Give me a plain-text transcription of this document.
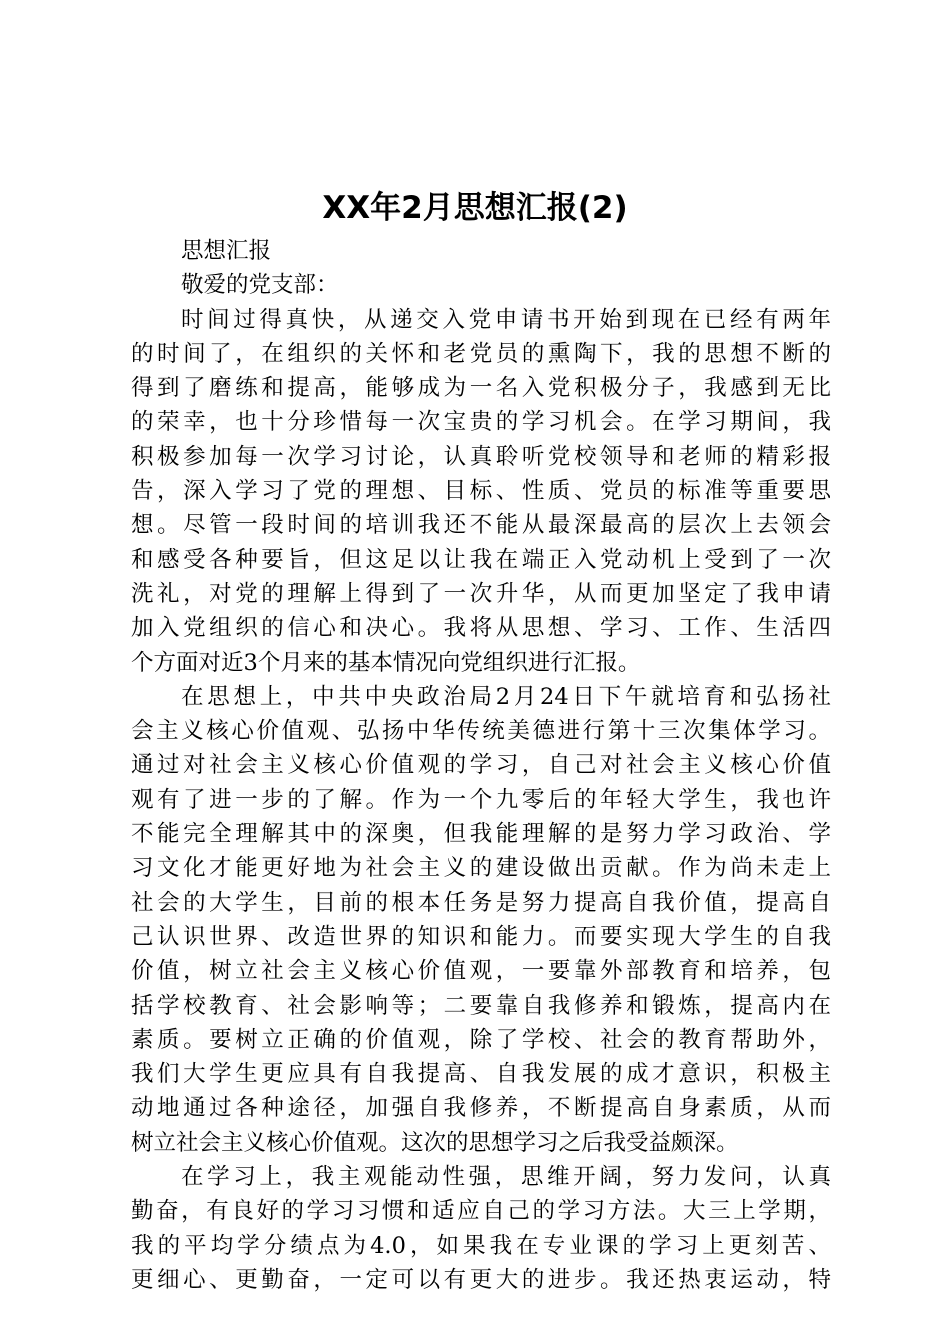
XX年2月思想汇报(2)
思想汇报
敬爱的党支部：
时间过得真快，从递交入党申请书开始到现在已经有两年
的时间了，在组织的关怀和老党员的熏陶下，我的思想不断的
得到了磨练和提高，能够成为一名入党积极分子，我感到无比
的荣幸，也十分珍惜每一次宝贵的学习机会。在学习期间，我
积极参加每一次学习讨论，认真聆听党校领导和老师的精彩报
告，深入学习了党的理想、目标、性质、党员的标准等重要思
想。尽管一段时间的培训我还不能从最深最高的层次上去领会
和感受各种要旨，但这足以让我在端正入党动机上受到了一次
洗礼，对党的理解上得到了一次升华，从而更加坚定了我申请
加入党组织的信心和决心。我将从思想、学习、工作、生活四
个方面对近3个月来的基本情况向党组织进行汇报。
在思想上，中共中央政治局2月24日下午就培育和弘扬社
会主义核心价值观、弘扬中华传统美德进行第十三次集体学习。
通过对社会主义核心价值观的学习，自己对社会主义核心价值
观有了进一步的了解。作为一个九零后的年轻大学生，我也许
不能完全理解其中的深奥，但我能理解的是努力学习政治、学
习文化才能更好地为社会主义的建设做出贡献。作为尚未走上
社会的大学生，目前的根本任务是努力提高自我价值，提高自
己认识世界、改造世界的知识和能力。而要实现大学生的自我
价值，树立社会主义核心价值观，一要靠外部教育和培养，包
括学校教育、社会影响等；二要靠自我修养和锻炼，提高内在
素质。要树立正确的价值观，除了学校、社会的教育帮助外，
我们大学生更应具有自我提高、自我发展的成才意识，积极主
动地通过各种途径，加强自我修养，不断提高自身素质，从而
树立社会主义核心价值观。这次的思想学习之后我受益颇深。
在学习上，我主观能动性强，思维开阔，努力发问，认真
勤奋，有良好的学习习惯和适应自己的学习方法。大三上学期，
我的平均学分绩点为4.0，如果我在专业课的学习上更刻苦、
更细心、更勤奋，一定可以有更大的进步。我还热衷运动，特
